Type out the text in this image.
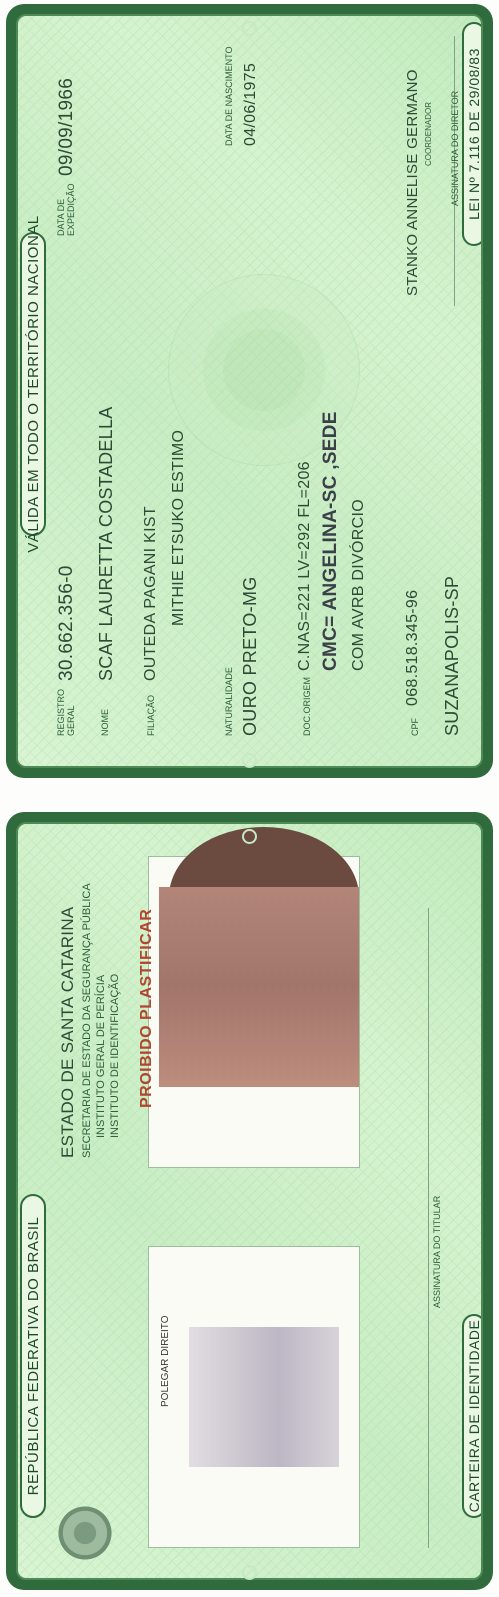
VÁLIDA EM TODO O TERRITÓRIO NACIONAL
REGISTRO
GERAL
30.662.356-0
DATA DE
EXPEDIÇÃO
09/09/1966
NOME
SCAF LAURETTA COSTADELLA
FILIAÇÃO
OUTEDA PAGANI KIST MITHIE ETSUKO ESTIMO
NATURALIDADE OURO PRETO-MG
DATA DE NASCIMENTO 04/06/1975
DOC.ORIGEM
C.NAS=221 LV=292 FL=206 CMC= ANGELINA-SC ,SEDE COM AVRB DIVÓRCIO
CPF
068.518.345-96
STANKO ANNELISE GERMANO COORDENADOR
SUZANAPOLIS-SP
ASSINATURA DO DIRETOR LEI Nº 7.116 DE 29/08/83
REPÚBLICA FEDERATIVA DO BRASIL
ESTADO DE SANTA CATARINA SECRETARIA DE ESTADO DA SEGURANÇA PÚBLICA INSTITUTO GERAL DE PERÍCIA INSTITUTO DE IDENTIFICAÇÃO
POLEGAR DIREITO
PROIBIDO PLASTIFICAR
ASSINATURA DO TITULAR
CARTEIRA DE IDENTIDADE
